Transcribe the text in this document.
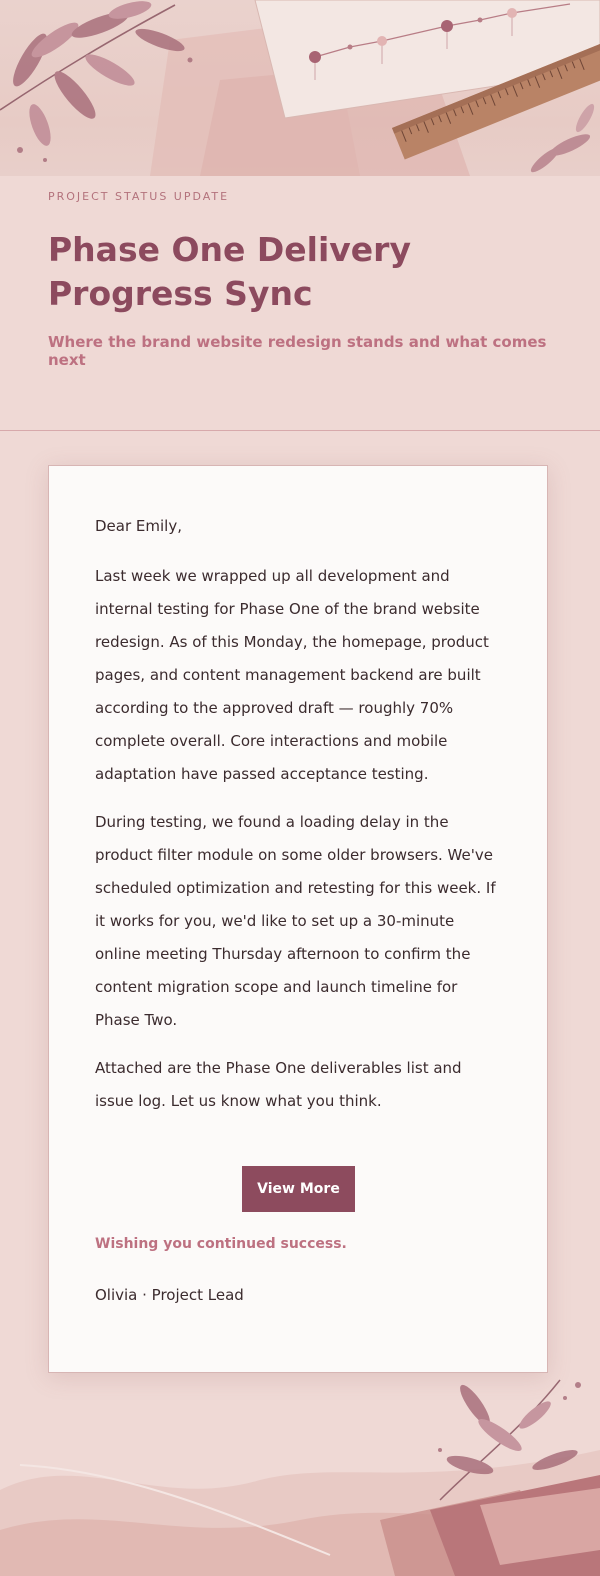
PROJECT STATUS UPDATE
Phase One Delivery Progress Sync
Where the brand website redesign stands and what comes next
Dear Emily,
Last week we wrapped up all development and internal testing for Phase One of the brand website redesign. As of this Monday, the homepage, product pages, and content management backend are built according to the approved draft — roughly 70% complete overall. Core interactions and mobile adaptation have passed acceptance testing.
During testing, we found a loading delay in the product filter module on some older browsers. We've scheduled optimization and retesting for this week. If it works for you, we'd like to set up a 30-minute online meeting Thursday afternoon to confirm the content migration scope and launch timeline for Phase Two.
Attached are the Phase One deliverables list and issue log. Let us know what you think.
View More
Wishing you continued success.
Olivia · Project Lead
